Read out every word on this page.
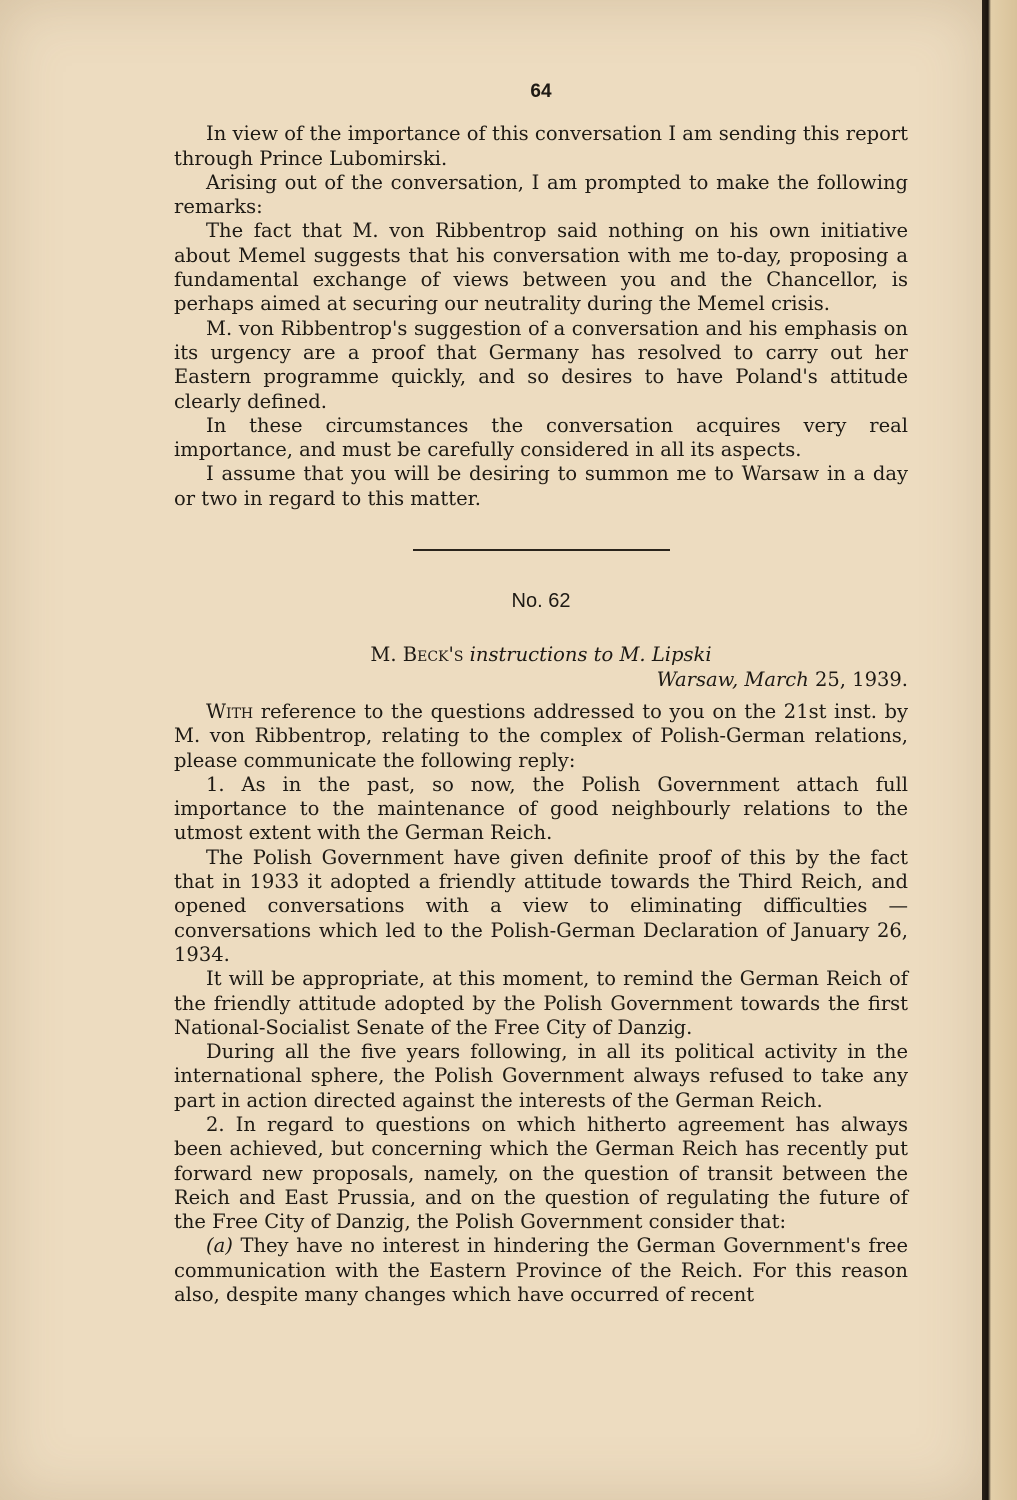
64

In view of the importance of this conversation I am sending this report through Prince Lubomirski.

Arising out of the conversation, I am prompted to make the following remarks:

The fact that M. von Ribbentrop said nothing on his own initiative about Memel suggests that his conversation with me to-day, proposing a fundamental exchange of views between you and the Chancellor, is perhaps aimed at securing our neutrality during the Memel crisis.

M. von Ribbentrop's suggestion of a conversation and his emphasis on its urgency are a proof that Germany has resolved to carry out her Eastern programme quickly, and so desires to have Poland's attitude clearly defined.

In these circumstances the conversation acquires very real importance, and must be carefully considered in all its aspects.

I assume that you will be desiring to summon me to Warsaw in a day or two in regard to this matter.

No. 62
M. Beck's instructions to M. Lipski
Warsaw, March 25, 1939.

With reference to the questions addressed to you on the 21st inst. by M. von Ribbentrop, relating to the complex of Polish-German relations, please communicate the following reply:

1. As in the past, so now, the Polish Government attach full importance to the maintenance of good neighbourly relations to the utmost extent with the German Reich.

The Polish Government have given definite proof of this by the fact that in 1933 it adopted a friendly attitude towards the Third Reich, and opened conversations with a view to eliminating difficulties —conversations which led to the Polish-German Declaration of January 26, 1934.

It will be appropriate, at this moment, to remind the German Reich of the friendly attitude adopted by the Polish Government towards the first National-Socialist Senate of the Free City of Danzig.

During all the five years following, in all its political activity in the international sphere, the Polish Government always refused to take any part in action directed against the interests of the German Reich.

2. In regard to questions on which hitherto agreement has always been achieved, but concerning which the German Reich has recently put forward new proposals, namely, on the question of transit between the Reich and East Prussia, and on the question of regulating the future of the Free City of Danzig, the Polish Government consider that:

(a) They have no interest in hindering the German Government's free communication with the Eastern Province of the Reich. For this reason also, despite many changes which have occurred of recent
